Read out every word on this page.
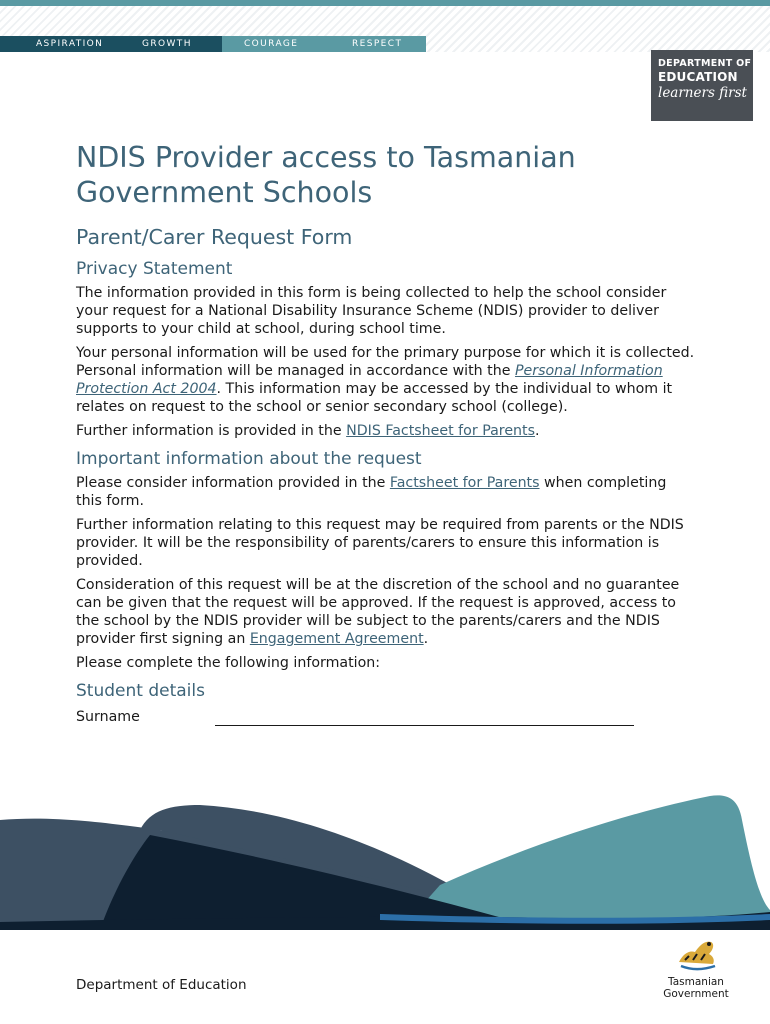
ASPIRATION	GROWTH	COURAGE	RESPECT
DEPARTMENT OF
EDUCATION
learners first
NDIS Provider access to Tasmanian Government Schools
Parent/Carer Request Form
Privacy Statement

The information provided in this form is being collected to help the school consider your request for a National Disability Insurance Scheme (NDIS) provider to deliver supports to your child at school, during school time.

Your personal information will be used for the primary purpose for which it is collected. Personal information will be managed in accordance with the Personal Information Protection Act 2004. This information may be accessed by the individual to whom it relates on request to the school or senior secondary school (college).

Further information is provided in the NDIS Factsheet for Parents.

Important information about the request

Please consider information provided in the Factsheet for Parents when completing this form.

Further information relating to this request may be required from parents or the NDIS provider. It will be the responsibility of parents/carers to ensure this information is provided.

Consideration of this request will be at the discretion of the school and no guarantee can be given that the request will be approved. If the request is approved, access to the school by the NDIS provider will be subject to the parents/carers and the NDIS provider first signing an Engagement Agreement.

Please complete the following information:

Student details
Surname
Department of Education	Tasmanian
Government
